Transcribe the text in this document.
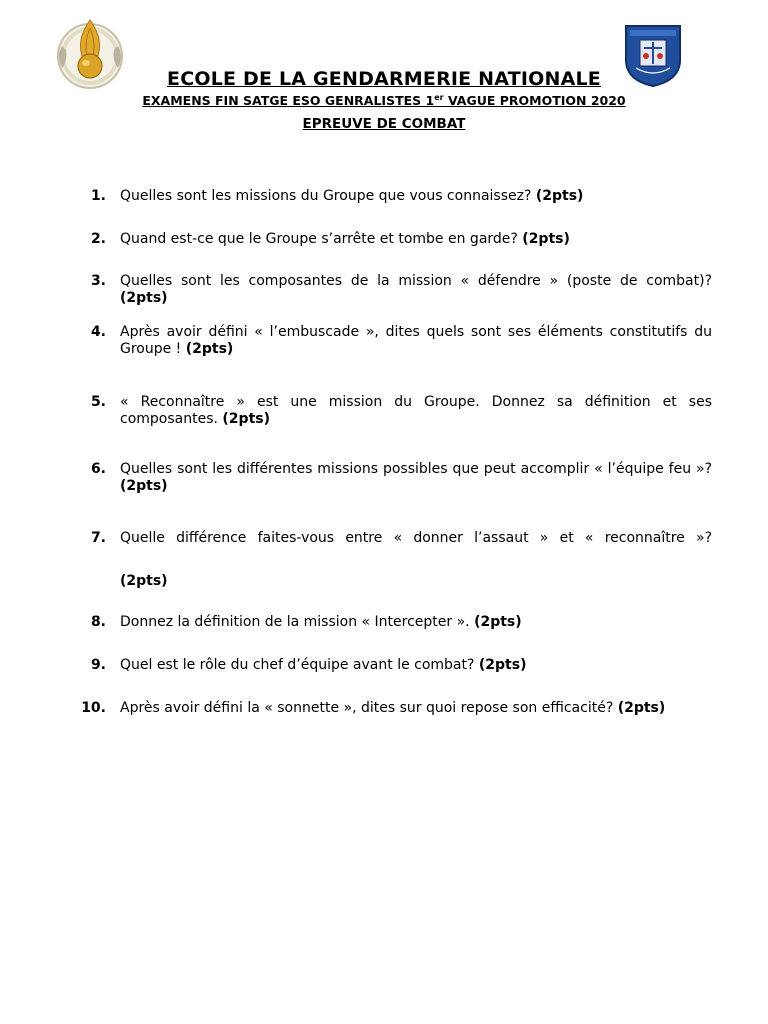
ECOLE DE LA GENDARMERIE NATIONALE
EXAMENS FIN SATGE ESO GENRALISTES 1er VAGUE PROMOTION 2020
EPREUVE DE COMBAT
1. Quelles sont les missions du Groupe que vous connaissez? (2pts)
2. Quand est-ce que le Groupe s’arrête et tombe en garde? (2pts)
3. Quelles sont les composantes de la mission « défendre » (poste de combat)? (2pts)
4. Après avoir défini « l’embuscade », dites quels sont ses éléments constitutifs du Groupe ! (2pts)
5. « Reconnaître » est une mission du Groupe. Donnez sa définition et ses composantes. (2pts)
6. Quelles sont les différentes missions possibles que peut accomplir « l’équipe feu »? (2pts)
7. Quelle différence faites-vous entre « donner l’assaut » et « reconnaître »?
(2pts)
8. Donnez la définition de la mission « Intercepter ». (2pts)
9. Quel est le rôle du chef d’équipe avant le combat? (2pts)
10. Après avoir défini la « sonnette », dites sur quoi repose son efficacité? (2pts)
